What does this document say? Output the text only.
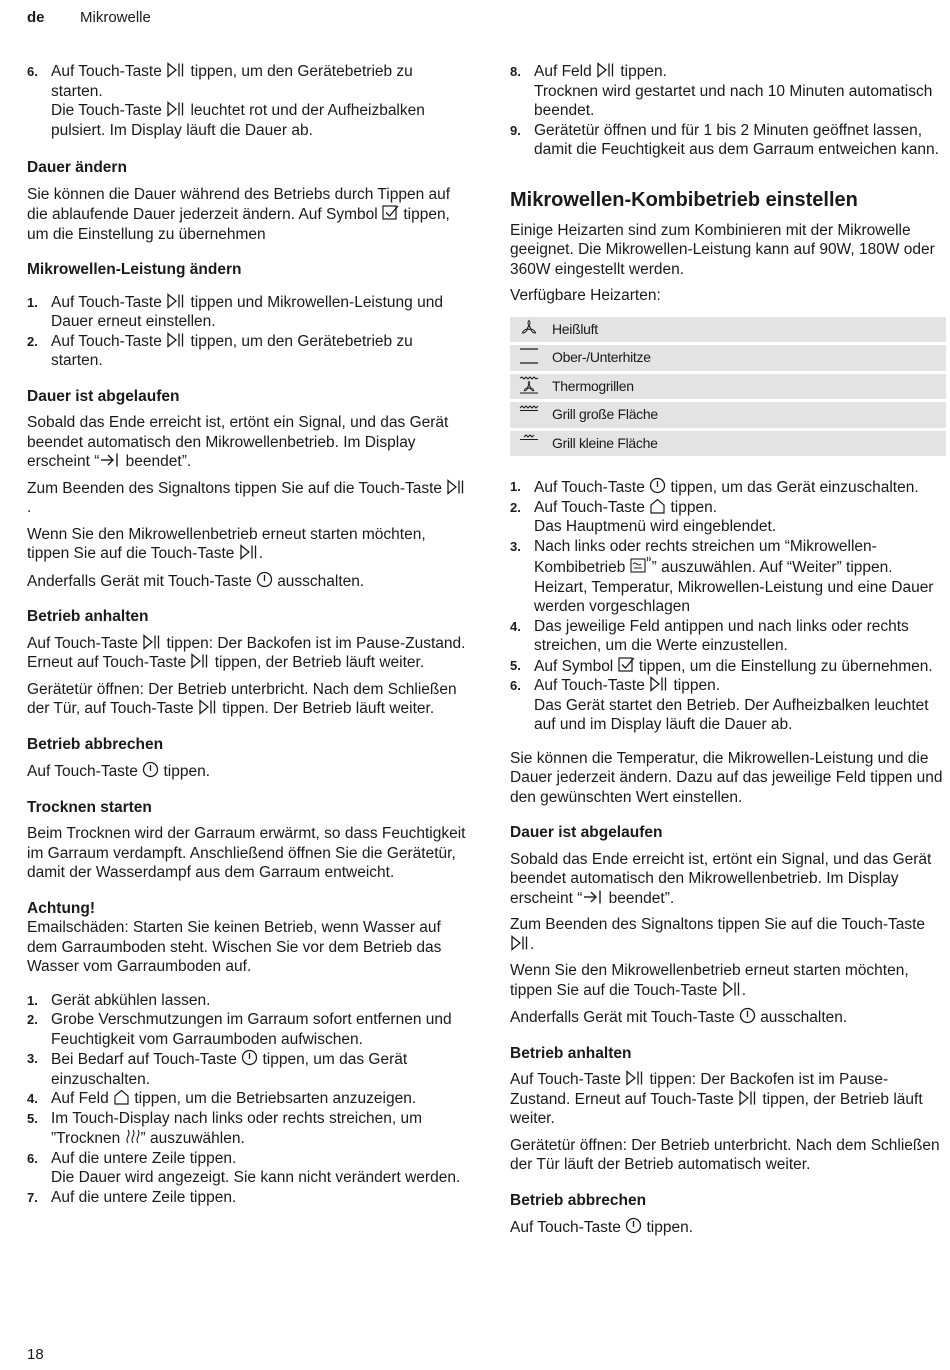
de Mikrowelle
6. Auf Touch-Taste tippen, um den Gerätebetrieb zu starten.
Die Touch-Taste leuchtet rot und der Aufheizbalken pulsiert. Im Display läuft die Dauer ab.
Dauer ändern

Sie können die Dauer während des Betriebs durch Tippen auf die ablaufende Dauer jederzeit ändern. Auf Symbol tippen, um die Einstellung zu übernehmen

Mikrowellen-Leistung ändern
1. Auf Touch-Taste tippen und Mikrowellen-Leistung und Dauer erneut einstellen.
2. Auf Touch-Taste tippen, um den Gerätebetrieb zu starten.
Dauer ist abgelaufen

Sobald das Ende erreicht ist, ertönt ein Signal, und das Gerät beendet automatisch den Mikrowellenbetrieb. Im Display erscheint “
beendet”.

Zum Beenden des Signaltons tippen Sie auf die Touch-Taste
.

Wenn Sie den Mikrowellenbetrieb erneut starten möchten, tippen Sie auf die Touch-Taste .

Anderfalls Gerät mit Touch-Taste ausschalten.

Betrieb anhalten

Auf Touch-Taste tippen: Der Backofen ist im Pause-Zustand. Erneut auf Touch-Taste tippen, der Betrieb läuft weiter.

Gerätetür öffnen: Der Betrieb unterbricht. Nach dem Schließen der Tür, auf Touch-Taste tippen. Der Betrieb läuft weiter.

Betrieb abbrechen

Auf Touch-Taste tippen.

Trocknen starten

Beim Trocknen wird der Garraum erwärmt, so dass Feuchtigkeit im Garraum verdampft. Anschließend öffnen Sie die Gerätetür, damit der Wasserdampf aus dem Garraum entweicht.

Achtung!

Emailschäden: Starten Sie keinen Betrieb, wenn Wasser auf dem Garraumboden steht. Wischen Sie vor dem Betrieb das Wasser vom Garraumboden auf.

1. Gerät abkühlen lassen.
2. Grobe Verschmutzungen im Garraum sofort entfernen und Feuchtigkeit vom Garraumboden aufwischen.
3. Bei Bedarf auf Touch-Taste tippen, um das Gerät einzuschalten.
4. Auf Feld tippen, um die Betriebsarten anzuzeigen.
5. Im Touch-Display nach links oder rechts streichen, um ”Trocknen ” auszuwählen.
6. Auf die untere Zeile tippen.
Die Dauer wird angezeigt. Sie kann nicht verändert werden.
7. Auf die untere Zeile tippen.
8. Auf Feld tippen.
Trocknen wird gestartet und nach 10 Minuten automatisch beendet.
9. Gerätetür öffnen und für 1 bis 2 Minuten geöffnet lassen, damit die Feuchtigkeit aus dem Garraum entweichen kann.
Mikrowellen-Kombibetrieb einstellen

Einige Heizarten sind zum Kombinieren mit der Mikrowelle geeignet. Die Mikrowellen-Leistung kann auf 90W, 180W oder 360W eingestellt werden.

Verfügbare Heizarten:

	Heißluft
	Ober-/Unterhitze
	Thermogrillen
	Grill große Fläche
	Grill kleine Fläche
1. Auf Touch-Taste tippen, um das Gerät einzuschalten.
2. Auf Touch-Taste tippen.
Das Hauptmenü wird eingeblendet.
3. Nach links oder rechts streichen um “Mikrowellen-Kombibetrieb ” auszuwählen. Auf “Weiter” tippen.
Heizart, Temperatur, Mikrowellen-Leistung und eine Dauer werden vorgeschlagen
4. Das jeweilige Feld antippen und nach links oder rechts streichen, um die Werte einzustellen.
5. Auf Symbol tippen, um die Einstellung zu übernehmen.
6. Auf Touch-Taste tippen.
Das Gerät startet den Betrieb. Der Aufheizbalken leuchtet auf und im Display läuft die Dauer ab.

Sie können die Temperatur, die Mikrowellen-Leistung und die Dauer jederzeit ändern. Dazu auf das jeweilige Feld tippen und den gewünschten Wert einstellen.

Dauer ist abgelaufen

Sobald das Ende erreicht ist, ertönt ein Signal, und das Gerät beendet automatisch den Mikrowellenbetrieb. Im Display erscheint “
beendet”.

Zum Beenden des Signaltons tippen Sie auf die Touch-Taste
.

Wenn Sie den Mikrowellenbetrieb erneut starten möchten, tippen Sie auf die Touch-Taste .

Anderfalls Gerät mit Touch-Taste ausschalten.

Betrieb anhalten

Auf Touch-Taste tippen: Der Backofen ist im Pause-Zustand. Erneut auf Touch-Taste tippen, der Betrieb läuft weiter.

Gerätetür öffnen: Der Betrieb unterbricht. Nach dem Schließen der Tür läuft der Betrieb automatisch weiter.

Betrieb abbrechen

Auf Touch-Taste tippen.

18
